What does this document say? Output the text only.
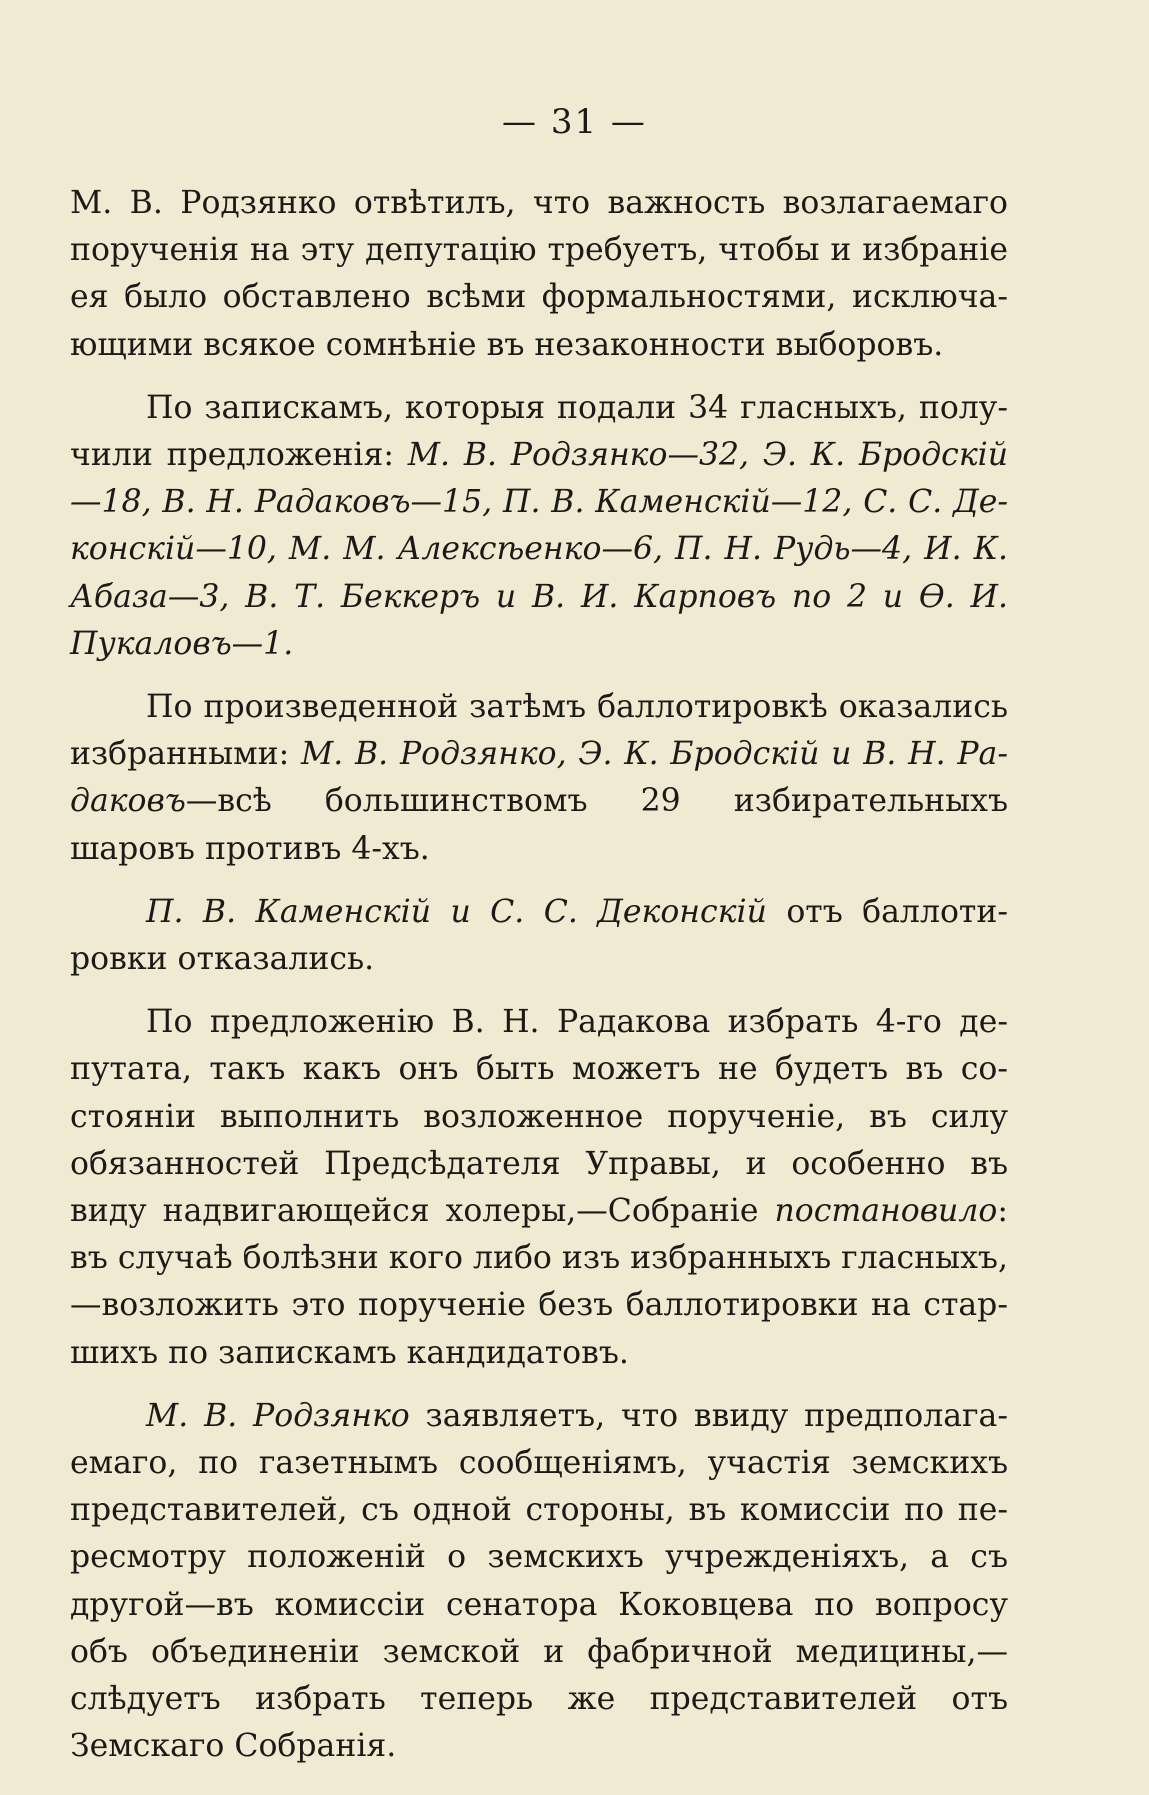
— 31 —

М. В. Родзянко отвѣтилъ, что важность возлагаемаго порученія на эту депутацію требуетъ, чтобы и избраніе ея было обставлено всѣми формальностями, исключающими всякое сомнѣніе въ незаконности выборовъ.

По запискамъ, которыя подали 34 гласныхъ, получили предложенія: М. В. Родзянко—32, Э. К. Бродскій—18, В. Н. Радаковъ—15, П. В. Каменскій—12, С. С. Деконскій—10, М. М. Алексѣенко—6, П. Н. Рудь—4, И. К. Абаза—3, В. Т. Беккеръ и В. И. Карповъ по 2 и Ѳ. И. Пукаловъ—1.

По произведенной затѣмъ баллотировкѣ оказались избранными: М. В. Родзянко, Э. К. Бродскій и В. Н. Радаковъ—всѣ большинствомъ 29 избирательныхъ шаровъ противъ 4-хъ.

П. В. Каменскій и С. С. Деконскій отъ баллотировки отказались.

По предложенію В. Н. Радакова избрать 4-го депутата, такъ какъ онъ быть можетъ не будетъ въ состояніи выполнить возложенное порученіе, въ силу обязанностей Предсѣдателя Управы, и особенно въ виду надвигающейся холеры,—Собраніе постановило: въ случаѣ болѣзни кого либо изъ избранныхъ гласныхъ,—возложить это порученіе безъ баллотировки на старшихъ по запискамъ кандидатовъ.

М. В. Родзянко заявляетъ, что ввиду предполагаемаго, по газетнымъ сообщеніямъ, участія земскихъ представителей, съ одной стороны, въ комиссіи по пересмотру положеній о земскихъ учрежденіяхъ, а съ другой—въ комиссіи сенатора Коковцева по вопросу объ объединеніи земской и фабричной медицины,—слѣдуетъ избрать теперь же представителей отъ Земскаго Собранія.
